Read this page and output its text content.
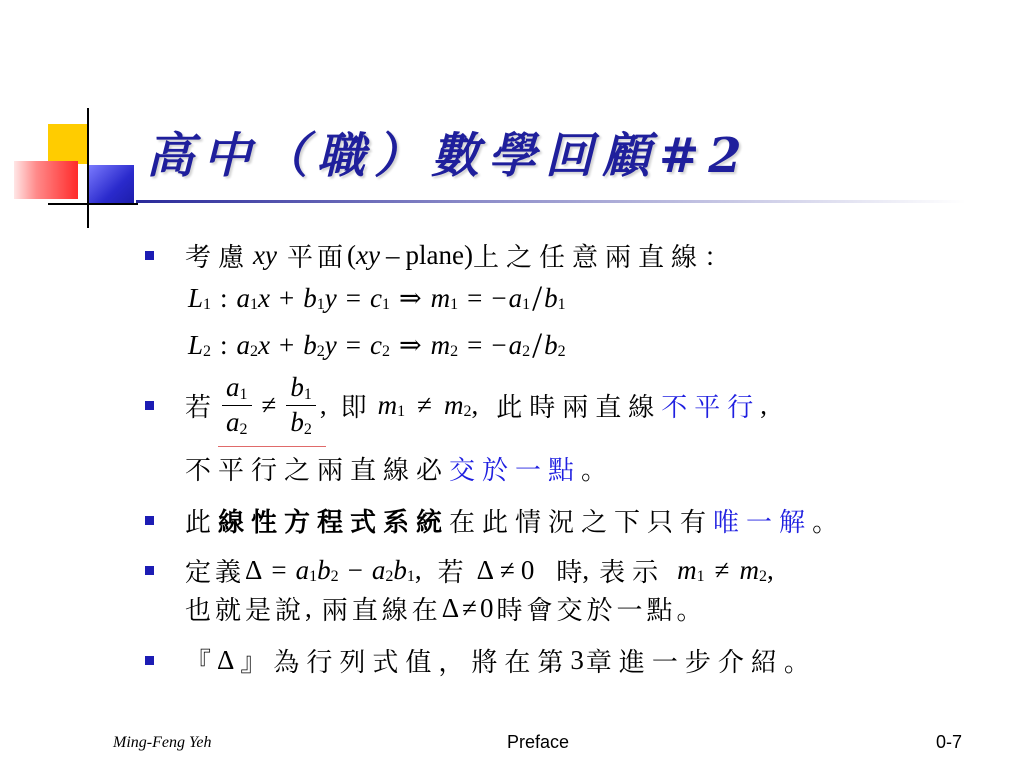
高中（職）數學回顧#2
考慮 xy 平面 ( xy – plane ) 上之任意兩直線：
L 1 : a 1 x + b 1 y = c 1 ⇒ m 1 = − a 1 / b 1
L 2 : a 2 x + b 2 y = c 2 ⇒ m 2 = − a 2 / b 2
若 $\frac{a 1}{a 2} \ne \frac{b 1}{b 2}$ , 即 m 1 ≠ m 2 , 此時兩直線 不平行 ,
不平行之兩直線必 交於一點 。
此 線性方程式系統 在此情況之下只有 唯一解 。
定義 Δ = a 1 b 2 − a 2 b 1 , 若 Δ ≠ 0 時 , 表示 m 1 ≠ m 2 ,
也就是說 , 兩直線在 Δ ≠ 0 時會交於一點。
『 Δ 』 為行列式值，將在第 3 章進一步介紹。
Ming-Feng Yeh	Preface	0-7
